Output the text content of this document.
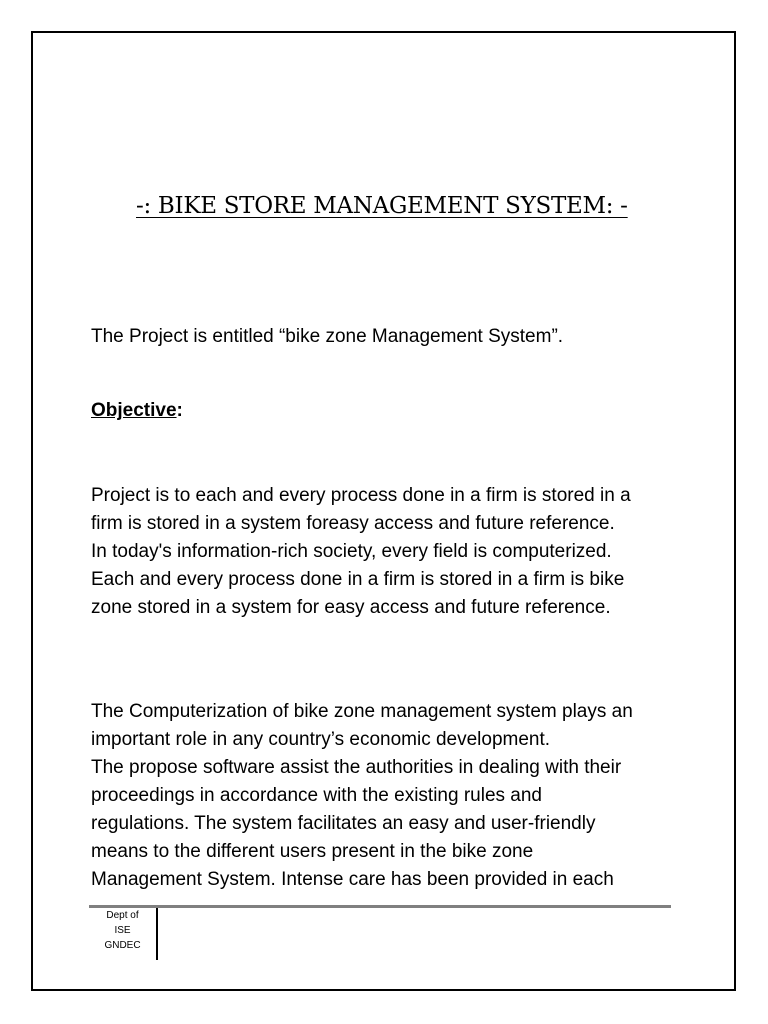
-: BIKE STORE MANAGEMENT SYSTEM: -
The Project is entitled “bike zone Management System”.
Objective:
Project is to each and every process done in a firm is stored in a
firm is stored in a system foreasy access and future reference.
In today's information-rich society, every field is computerized.
Each and every process done in a firm is stored in a firm is bike
zone stored in a system for easy access and future reference.
The Computerization of bike zone management system plays an
important role in any country’s economic development.
The propose software assist the authorities in dealing with their
proceedings in accordance with the existing rules and
regulations. The system facilitates an easy and user-friendly
means to the different users present in the bike zone
Management System. Intense care has been provided in each
Dept of
ISE
GNDEC
